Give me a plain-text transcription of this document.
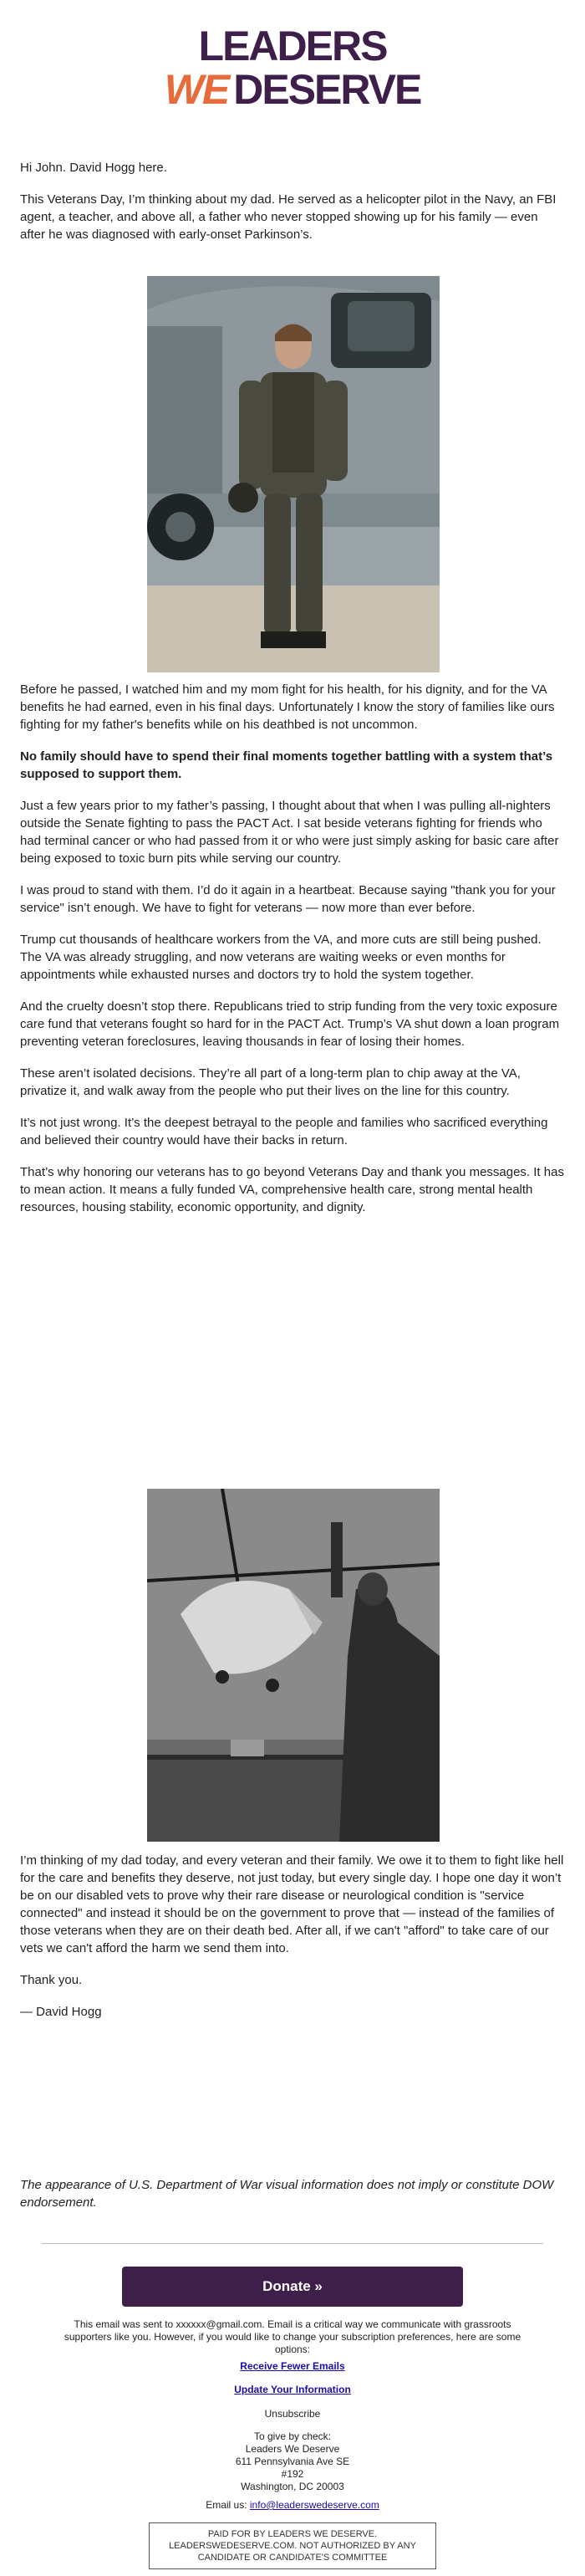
LEADERS
WE DESERVE

Hi John. David Hogg here.

This Veterans Day, I’m thinking about my dad. He served as a helicopter pilot in the Navy, an FBI agent, a teacher, and above all, a father who never stopped showing up for his family — even after he was diagnosed with early-onset Parkinson’s.

Before he passed, I watched him and my mom fight for his health, for his dignity, and for the VA benefits he had earned, even in his final days. Unfortunately I know the story of families like ours fighting for my father's benefits while on his deathbed is not uncommon.

No family should have to spend their final moments together battling with a system that’s supposed to support them.

Just a few years prior to my father’s passing, I thought about that when I was pulling all-nighters outside the Senate fighting to pass the PACT Act. I sat beside veterans fighting for friends who had terminal cancer or who had passed from it or who were just simply asking for basic care after being exposed to toxic burn pits while serving our country.

I was proud to stand with them. I’d do it again in a heartbeat. Because saying "thank you for your service" isn’t enough. We have to fight for veterans — now more than ever before.

Trump cut thousands of healthcare workers from the VA, and more cuts are still being pushed. The VA was already struggling, and now veterans are waiting weeks or even months for appointments while exhausted nurses and doctors try to hold the system together.

And the cruelty doesn’t stop there. Republicans tried to strip funding from the very toxic exposure care fund that veterans fought so hard for in the PACT Act. Trump’s VA shut down a loan program preventing veteran foreclosures, leaving thousands in fear of losing their homes.

These aren’t isolated decisions. They’re all part of a long-term plan to chip away at the VA, privatize it, and walk away from the people who put their lives on the line for this country.

It’s not just wrong. It’s the deepest betrayal to the people and families who sacrificed everything and believed their country would have their backs in return.

That’s why honoring our veterans has to go beyond Veterans Day and thank you messages. It has to mean action. It means a fully funded VA, comprehensive health care, strong mental health resources, housing stability, economic opportunity, and dignity.

I’m thinking of my dad today, and every veteran and their family. We owe it to them to fight like hell for the care and benefits they deserve, not just today, but every single day. I hope one day it won’t be on our disabled vets to prove why their rare disease or neurological condition is "service connected" and instead it should be on the government to prove that — instead of the families of those veterans when they are on their death bed. After all, if we can't "afford" to take care of our vets we can't afford the harm we send them into.

Thank you.

— David Hogg

The appearance of U.S. Department of War visual information does not imply or constitute DOW endorsement.
Donate »
This email was sent to xxxxxx@gmail.com. Email is a critical way we communicate with grassroots supporters like you. However, if you would like to change your subscription preferences, here are some options:
Receive Fewer Emails
Update Your Information
Unsubscribe
To give by check:
Leaders We Deserve
611 Pennsylvania Ave SE
#192
Washington, DC 20003
Email us: info@leaderswedeserve.com
PAID FOR BY LEADERS WE DESERVE. LEADERSWEDESERVE.COM. NOT AUTHORIZED BY ANY CANDIDATE OR CANDIDATE'S COMMITTEE
